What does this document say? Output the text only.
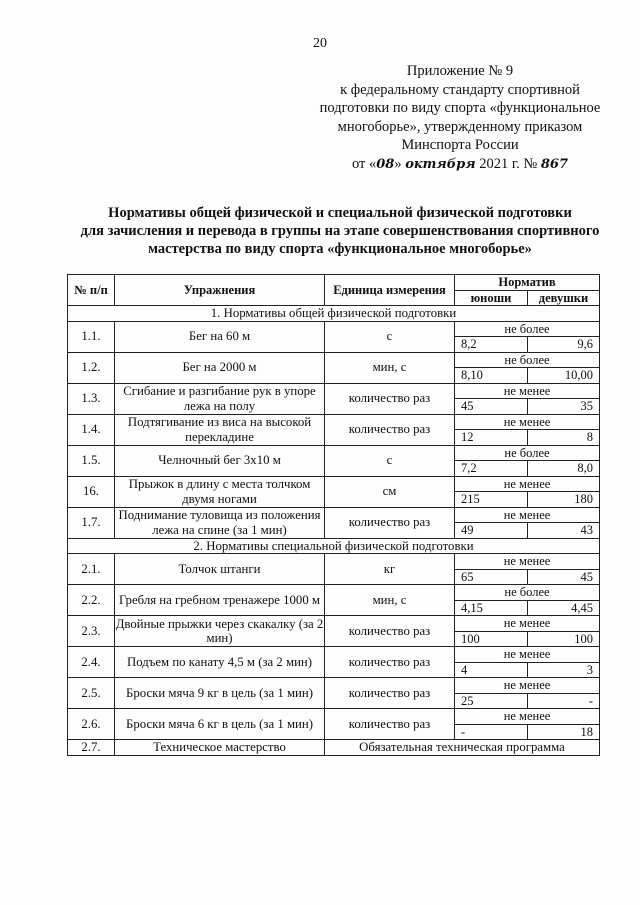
20
Приложение № 9
к федеральному стандарту спортивной
подготовки по виду спорта «функциональное
многоборье», утвержденному приказом
Минспорта России
от «08» октября 2021 г. № 867
Нормативы общей физической и специальной физической подготовки
для зачисления и перевода в группы на этапе совершенствования спортивного
мастерства по виду спорта «функциональное многоборье»
№ п/п	Упражнения	Единица измерения	Норматив	
			юноши	девушки
1. Нормативы общей физической подготовки				
1.1.	Бег на 60 м	с	не более	
			8,2	9,6
1.2.	Бег на 2000 м	мин, с	не более	
			8,10	10,00
1.3.	Сгибание и разгибание рук в упоре лежа на полу	количество раз	не менее	
			45	35
1.4.	Подтягивание из виса на высокой перекладине	количество раз	не менее	
			12	8
1.5.	Челночный бег 3х10 м	с	не более	
			7,2	8,0
16.	Прыжок в длину с места толчком двумя ногами	см	не менее	
			215	180
1.7.	Поднимание туловища из положения лежа на спине (за 1 мин)	количество раз	не менее	
			49	43
2. Нормативы специальной физической подготовки				
2.1.	Толчок штанги	кг	не менее	
			65	45
2.2.	Гребля на гребном тренажере 1000 м	мин, с	не более	
			4,15	4,45
2.3.	Двойные прыжки через скакалку (за 2 мин)	количество раз	не менее	
			100	100
2.4.	Подъем по канату 4,5 м (за 2 мин)	количество раз	не менее	
			4	3
2.5.	Броски мяча 9 кг в цель (за 1 мин)	количество раз	не менее	
			25	-
2.6.	Броски мяча 6 кг в цель (за 1 мин)	количество раз	не менее	
			-	18
2.7.	Техническое мастерство	Обязательная техническая программа		
